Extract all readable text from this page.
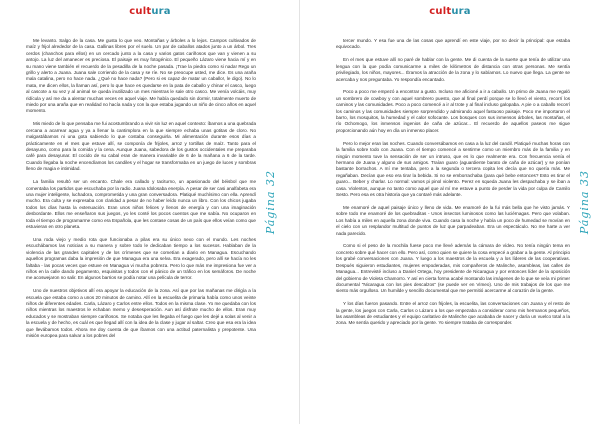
cultura

Me levanto. Salgo de la casa. Me gusta lo que veo. Montañas y árboles a lo lejos. Campos cultivados de maíz y frijol alrededor de la casa. Gallinas libres por el suelo. Un par de caballos atados junto a un árbol. Tres cerdos (chanchos para ellos) en un cercado junto a la casa y varios gatos cariñosos que van y vienen a su antojo. La luz del amanecer es preciosa. El paisaje es muy fotogénico. El pequeño Lázaro viene hacia mí y en su mano viene también el recuerdo de la pesadilla de la noche pasada. ¡Trae la piedra como si nada! Rego un grillo y alerto a Juana. Juana sale corriendo de la casa y se ríe. No se preocupe usted, me dice. Es una araña mala catalina, pero no hace nada. ¿Qué no hace nada? (Pero si es capaz de matar un caballo!, le digo). No lo mata, me dicen ellos, la llaman así, pero lo que hace es quedarse en la pata de caballo y chinar el casco, luego al cascote a su vez y al animal se queda inutilizado un mes mientras le sale otro casco. Me venía volcáis, muy ridícula y así me da a alentar muchas veces en aquel viaje. Me había quedado sin dormir, totalmente muerto de miedo por una araña que en realidad no hacía nada y con la que estaba jugando un niño de cinco años en aquel momento.

Mis miedo de lo que pensaba me fui acostumbrando a vivir sin luz en aquel contexto: íbamos a una quebrada cercana a acarrear agua y ya a llenar la cantimplora en la que siempre echaba unas gotitas de cloro. No malgastábamos ni una gota sabiendo lo que costaba conseguirla. Mi alimentación durante esos días a prácticamente en el mes que estuve allí, se componía de frijoles, arroz y tortillas de maíz. Tanto para el desayuno, como para la comida y la cena. Aunque Juana, sabedora de los gustos occidentales me preparaba café para desayunar. El cocido de su cabal eran de manera invariable de 6 de la mañana a 6 de la tarde. Cuando llegaba la noche encendíamos los candiles y el hogar se transformaba en un juego de luces y sombras lleno de magia e intimidad.

La familia resultó ser un encanto. Chale era callado y taciturno, un apasionado del béisbol que me comentaba los partidos que escuchaba por la radio. Juana Idolosaba enerpía. A pesar de ser casi analfabeta era una mujer inteligente, luchadora, comprometida y una gran conversadora. Platiqué muchísimo con ella. Aprendí mucho. Era culta y se expresaba con claridad a pesar de no haber leído nunca un libro. Con los chicos jugaba todos los días hasta la extenuación. Eran unos niños felices y llenos de energía y con una imaginación desbordante. Ellos me enseñaron sus juegos, yo les conté los pocos cuentos que me sabía. No ocuparon en toda el tiempo de programarme como era Española, que les contase cosas de un país que ellos veían como que estuvieran en otro planeta.

Una roda viejo y medio rota que funcionaba a pilas era su único nexo con el mundo. Les noches escuchábamos las noticias a su manera y sobre todo le dedicaban tiempo a los sucesos. Hablaban de la violencia de las grandes capitales y de los crímenes que se cometían a diario en Managua. Escuchando aquellos programas daba la impresión de que Managua era una selva. Era exagerado, pero allí se hacía no les faltaba - las pocas veces que estuve en Managua vi mucha pobreza. Pero lo que más me impresiona fue ver a niños en la calle dando pegamento, esquinitas y todos con el pánico de un tráfico en los semáforos. De noche me acoswejaron no salir. En algunos barrios se podía notar una película de terror.

Uno de nuestros objetivos allí era apoyar la educación de la zona. Así que por las mañanas me dirigía a la escuela que estaba como a unos 20 minutos de camino. Allí en la escuelita de primaria había como unos veinte niños de diferentes edades. Carla, Lázaro y Carlos entre ellos. Todos en la misma clase. Yo me quedaba con los niños mientras los maestros le echaban memo y desesperación. Aun así disfrute mucho de ellos. Eran muy educados y se mostraban siempre cariñosos. Se notaba que les llegaba el fuego que les dejé a solas al venir a la escuela y de hecho, es cuál es que llegad allí con la idea de la clase y jugar al saltar. Creo que esa era la idea que llevábamos todos. Ahora me doy cuenta de que íbamos con una actitud paternalista y prepotente. Una misión europea para salvar a los pobres del

Página 32
cultura

tercer mundo. Y esa fue una de las cosas que aprendí en este viaje, por no decir la principal: que estaba equivocado.

En el mes que estuve allí no paré de hablar con la gente. Me di cuenta de la suerte que tenía de utilizar una lengua con la que podía comunicarme a miles de kilómetros de distancia con otras personas. Me sentía privilegiado, los niños, mayores... Éramos la atracción de la zona y lo sabíamos. Lo nuevo que llega. La gente se acercaba y nos preguntaba. Yo respondía encantado.

Poco a poco me empezó a encontrar a gusto. Incluso me aficioné a ir a caballo. Un primo de Juana me regaló un sombrero de cowboy y con aquel sombrero puesto, que al final perdí porque se lo llevó el viento, recorrí los caminos y las comunidades. Poco a poco comencé a ir al trote y al final incluso galopaba. A pie o a caballo recorrí los caminos y las comunidades siempre sorprendido y admirando aquel fastuoso paisaje. Poco me importaron el barro, los mosquitos, la humedad y el calor sofocante. Los bosques con sus inmensos árboles, las montañas, el río Ochomogo, los inmensos ingenios de caña de azúcar... El recuerdo de aquellos paseos me sigue proporcionando aún hoy en día un inmenso placer.

Pero lo mejor eran las noches. Cuando conversábamos en casa a la luz del candil. Platiqué muchas horas con la familia sobre todo con Juana. Con el tiempo comencé a sentirme como un miembro más de la familia y en ningún momento tuve la sensación de ser un intruso, que es lo que realmente era. Con frecuencia venía el hermano de Juana y alguno de sus amigos. Traían guaro (aguardiente barato de caña de azúcar) y se ponían bastante borrachos. A mí me tentaba, pero a la segunda o tercera copita les decía que no quería más. Me regañaban. Decían que eso era tirar la bebida. Si no se emborrachaba (para qué bebe entonces? Esto es tirar el guaro... Beber y charlar. Lo normal: vamos pi pinol violento. Perez en squeda Juana les despachaba y se iban a casa. Violentos, aunque no tanto como aquel que al mí me estuve a punto de perder la vida por culpa de Camilo Sesto. Pero esa es otra historia que ya contaré más adelante.

Me enamoré de aquel paisaje único y lleno de vida. Me enamoré de la fui más bella que he visto jamás. Y sobre todo me enamoré de los quebraditas - Unos insectos luminosos como las luciérnagas. Pero que volaban. Los había a miles en aquella zona donde viva. Cuando casa la noche y había un poco de humedad se movían en el cielo con un resplandor multitud de puntos de luz que parpadeaban. Era un espectáculo. No me harte a ver nada parecido.

Como si el peso de la mochila fuese poco me llevé además la cámara de vídeo. No tenía ningún tema en concreto sobre qué hacer con ello. Pero así, como quien se quiere la cosa empecé a grabar a la gente. Al principio los grabé conversaciones con Juana. Y luego a los maestros de la escuela y a los líderes de las cooperativas. Después siguieron estudiantes, mujeres empoderadas, mis compañeros de Malinche, asambleas, las calles de Managua... Entrevisté incluso a Daniel Ortega, hoy presidente de Nicaragua y por entonces líder de la oposición del gobierno de Violeta Chamorro. Y así en cierta forma acabé montando las imágenes de lo que se veía mi primer documental "Nicaragua con los pies descalzos" (se puede ver en Vimeo). Uno de mis trabajos de los que me siento más orgulloso. Un humilde y sencillo documental que me permitió acercarme al corazón de la gente.

Y los días fueron pasando. Entre el arroz con frijoles, la escuelita, las conversaciones con Juana y el resto de la gente, los juegos con Carla, Carlos o Lázaro a los que empezaba a considerar como mis hermanos pequeños, las asambleas de estudiantes y el equipo caritativo de Malinche que acababa de nacer y daría un vuelco total a la zona. Me sentía querido y apreciado por la gente. Yo siempre trataba de corresponder.

Página 33
